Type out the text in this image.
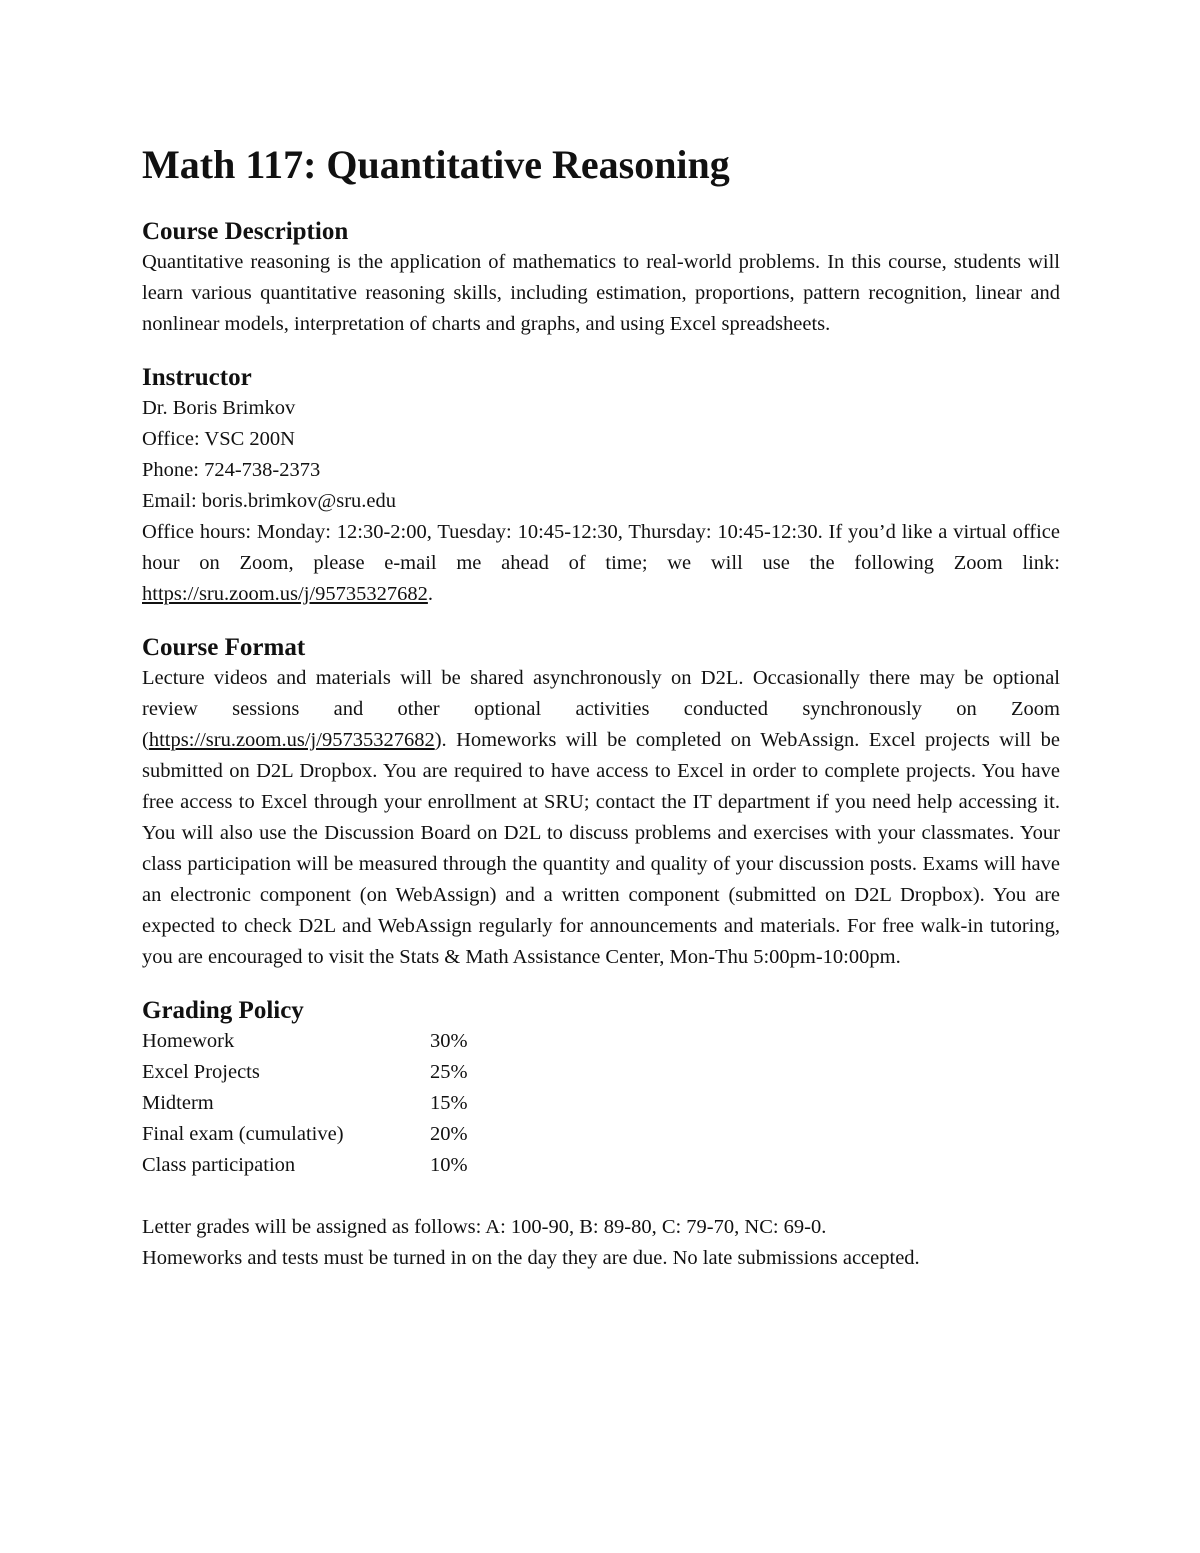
Math 117: Quantitative Reasoning
Course Description

Quantitative reasoning is the application of mathematics to real-world problems. In this course, students will learn various quantitative reasoning skills, including estimation, proportions, pattern recognition, linear and nonlinear models, interpretation of charts and graphs, and using Excel spreadsheets.

Instructor
Dr. Boris Brimkov
Office: VSC 200N
Phone: 724-738-2373
Email: boris.brimkov@sru.edu

Office hours: Monday: 12:30-2:00, Tuesday: 10:45-12:30, Thursday: 10:45-12:30. If you’d like a virtual office hour on Zoom, please e-mail me ahead of time; we will use the following Zoom link: https://sru.zoom.us/j/95735327682.

Course Format

Lecture videos and materials will be shared asynchronously on D2L. Occasionally there may be optional review sessions and other optional activities conducted synchronously on Zoom (https://sru.zoom.us/j/95735327682). Homeworks will be completed on WebAssign. Excel projects will be submitted on D2L Dropbox. You are required to have access to Excel in order to complete projects. You have free access to Excel through your enrollment at SRU; contact the IT department if you need help accessing it. You will also use the Discussion Board on D2L to discuss problems and exercises with your classmates. Your class participation will be measured through the quantity and quality of your discussion posts. Exams will have an electronic component (on WebAssign) and a written component (submitted on D2L Dropbox). You are expected to check D2L and WebAssign regularly for announcements and materials. For free walk-in tutoring, you are encouraged to visit the Stats & Math Assistance Center, Mon-Thu 5:00pm-10:00pm.

Grading Policy
Homework	30%
Excel Projects	25%
Midterm	15%
Final exam (cumulative)	20%
Class participation	10%
Letter grades will be assigned as follows: A: 100-90, B: 89-80, C: 79-70, NC: 69-0.
Homeworks and tests must be turned in on the day they are due. No late submissions accepted.
